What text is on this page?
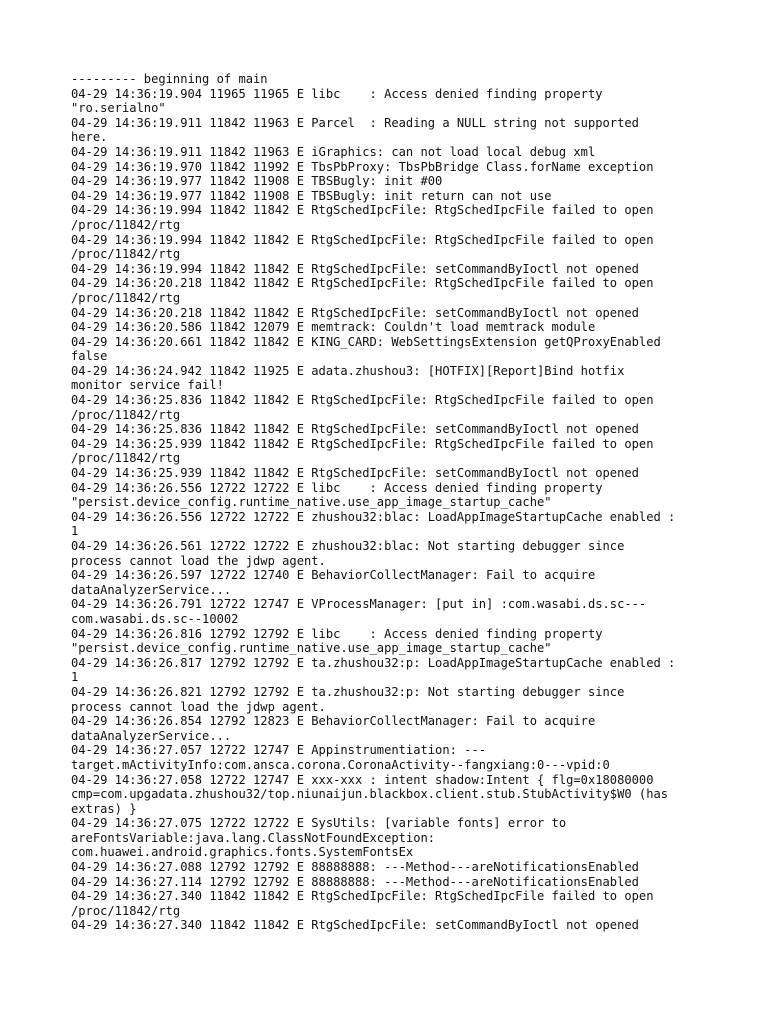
--------- beginning of main
04-29 14:36:19.904 11965 11965 E libc    : Access denied finding property
"ro.serialno"
04-29 14:36:19.911 11842 11963 E Parcel  : Reading a NULL string not supported
here.
04-29 14:36:19.911 11842 11963 E iGraphics: can not load local debug xml
04-29 14:36:19.970 11842 11992 E TbsPbProxy: TbsPbBridge Class.forName exception
04-29 14:36:19.977 11842 11908 E TBSBugly: init #00
04-29 14:36:19.977 11842 11908 E TBSBugly: init return can not use
04-29 14:36:19.994 11842 11842 E RtgSchedIpcFile: RtgSchedIpcFile failed to open
/proc/11842/rtg
04-29 14:36:19.994 11842 11842 E RtgSchedIpcFile: RtgSchedIpcFile failed to open
/proc/11842/rtg
04-29 14:36:19.994 11842 11842 E RtgSchedIpcFile: setCommandByIoctl not opened
04-29 14:36:20.218 11842 11842 E RtgSchedIpcFile: RtgSchedIpcFile failed to open
/proc/11842/rtg
04-29 14:36:20.218 11842 11842 E RtgSchedIpcFile: setCommandByIoctl not opened
04-29 14:36:20.586 11842 12079 E memtrack: Couldn't load memtrack module
04-29 14:36:20.661 11842 11842 E KING_CARD: WebSettingsExtension getQProxyEnabled
false
04-29 14:36:24.942 11842 11925 E adata.zhushou3: [HOTFIX][Report]Bind hotfix
monitor service fail!
04-29 14:36:25.836 11842 11842 E RtgSchedIpcFile: RtgSchedIpcFile failed to open
/proc/11842/rtg
04-29 14:36:25.836 11842 11842 E RtgSchedIpcFile: setCommandByIoctl not opened
04-29 14:36:25.939 11842 11842 E RtgSchedIpcFile: RtgSchedIpcFile failed to open
/proc/11842/rtg
04-29 14:36:25.939 11842 11842 E RtgSchedIpcFile: setCommandByIoctl not opened
04-29 14:36:26.556 12722 12722 E libc    : Access denied finding property
"persist.device_config.runtime_native.use_app_image_startup_cache"
04-29 14:36:26.556 12722 12722 E zhushou32:blac: LoadAppImageStartupCache enabled :
1
04-29 14:36:26.561 12722 12722 E zhushou32:blac: Not starting debugger since
process cannot load the jdwp agent.
04-29 14:36:26.597 12722 12740 E BehaviorCollectManager: Fail to acquire
dataAnalyzerService...
04-29 14:36:26.791 12722 12747 E VProcessManager: [put in] :com.wasabi.ds.sc---
com.wasabi.ds.sc--10002
04-29 14:36:26.816 12792 12792 E libc    : Access denied finding property
"persist.device_config.runtime_native.use_app_image_startup_cache"
04-29 14:36:26.817 12792 12792 E ta.zhushou32:p: LoadAppImageStartupCache enabled :
1
04-29 14:36:26.821 12792 12792 E ta.zhushou32:p: Not starting debugger since
process cannot load the jdwp agent.
04-29 14:36:26.854 12792 12823 E BehaviorCollectManager: Fail to acquire
dataAnalyzerService...
04-29 14:36:27.057 12722 12747 E Appinstrumentiation: ---
target.mActivityInfo:com.ansca.corona.CoronaActivity--fangxiang:0---vpid:0
04-29 14:36:27.058 12722 12747 E xxx-xxx : intent shadow:Intent { flg=0x18080000
cmp=com.upgadata.zhushou32/top.niunaijun.blackbox.client.stub.StubActivity$W0 (has
extras) }
04-29 14:36:27.075 12722 12722 E SysUtils: [variable fonts] error to
areFontsVariable:java.lang.ClassNotFoundException:
com.huawei.android.graphics.fonts.SystemFontsEx
04-29 14:36:27.088 12792 12792 E 88888888: ---Method---areNotificationsEnabled
04-29 14:36:27.114 12792 12792 E 88888888: ---Method---areNotificationsEnabled
04-29 14:36:27.340 11842 11842 E RtgSchedIpcFile: RtgSchedIpcFile failed to open
/proc/11842/rtg
04-29 14:36:27.340 11842 11842 E RtgSchedIpcFile: setCommandByIoctl not opened
